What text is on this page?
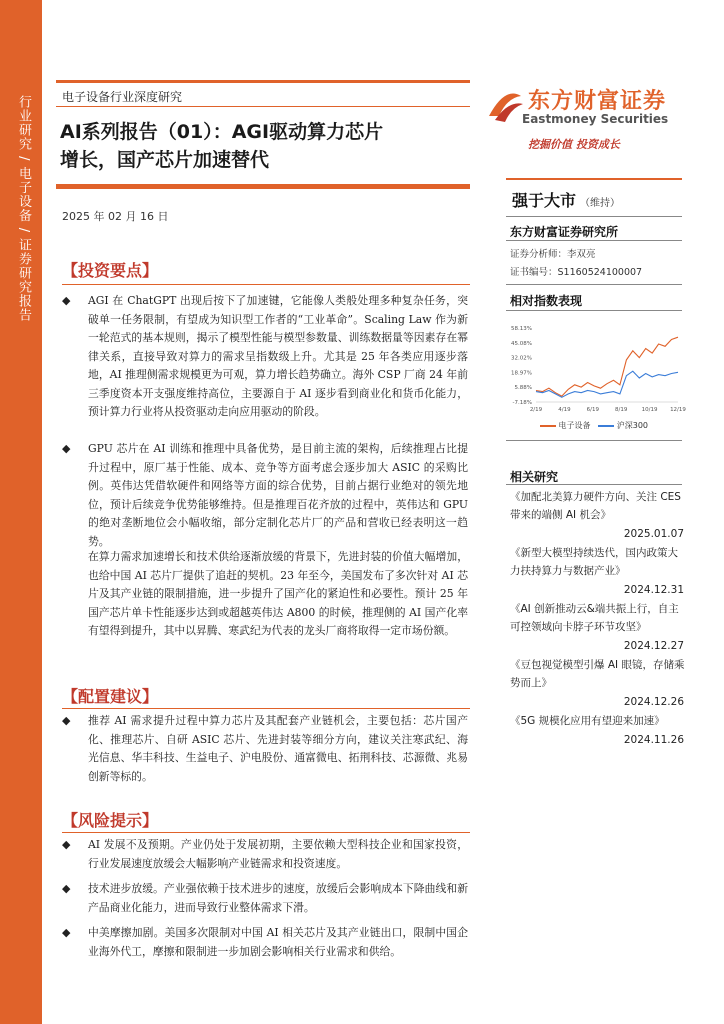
行业研究 / 电子设备 / 证券研究报告	电子设备行业深度研究
AI系列报告（01）：AGI驱动算力芯片
增长，国产芯片加速替代
2025 年 02 月 16 日
东方财富证券
Eastmoney Securities
挖掘价值 投资成长
强于大市 （维持）
东方财富证券研究所
证券分析师：李双亮
证书编号：S1160524100007
相对指数表现
58.13%
45.08%
32.02%
18.97%
5.88%
-7.18%
2/19	4/19	6/19	8/19	10/19 12/19
电子设备	沪深300
相关研究
《加配北美算力硬件方向、关注 CES 带来的端侧 AI 机会》
2025.01.07
《新型大模型持续迭代，国内政策大力扶持算力与数据产业》
2024.12.31
《AI 创新推动云&端共振上行，自主可控领域向卡脖子环节攻坚》
2024.12.27
《豆包视觉模型引爆 AI 眼镜，存储乘势而上》
2024.12.26
《5G 规模化应用有望迎来加速》
2024.11.26
【投资要点】
◆ AGI 在 ChatGPT 出现后按下了加速键，它能像人类般处理多种复杂任务，突破单一任务限制，有望成为知识型工作者的“工业革命”。Scaling Law 作为新一轮范式的基本规则，揭示了模型性能与模型参数量、训练数据量等因素存在幂律关系，直接导致对算力的需求呈指数级上升。尤其是 25 年各类应用逐步落地，AI 推理侧需求规模更为可观，算力增长趋势确立。海外 CSP 厂商 24 年前三季度资本开支强度维持高位，主要源自于 AI 逐步看到商业化和货币化能力，预计算力行业将从投资驱动走向应用驱动的阶段。
◆ GPU 芯片在 AI 训练和推理中具备优势，是目前主流的架构，后续推理占比提升过程中，原厂基于性能、成本、竞争等方面考虑会逐步加大 ASIC 的采购比例。英伟达凭借软硬件和网络等方面的综合优势，目前占据行业绝对的领先地位，预计后续竞争优势能够维持。但是推理百花齐放的过程中，英伟达和 GPU 的绝对垄断地位会小幅收缩，部分定制化芯片厂的产品和营收已经表明这一趋势。
在算力需求加速增长和技术供给逐渐放缓的背景下，先进封装的价值大幅增加，也给中国 AI 芯片厂提供了追赶的契机。23 年至今，美国发布了多次针对 AI 芯片及其产业链的限制措施，进一步提升了国产化的紧迫性和必要性。预计 25 年国产芯片单卡性能逐步达到或超越英伟达 A800 的时候，推理侧的 AI 国产化率有望得到提升，其中以昇腾、寒武纪为代表的龙头厂商将取得一定市场份额。
【配置建议】
◆ 推荐 AI 需求提升过程中算力芯片及其配套产业链机会，主要包括：芯片国产化、推理芯片、自研 ASIC 芯片、先进封装等细分方向，建议关注寒武纪、海光信息、华丰科技、生益电子、沪电股份、通富微电、拓荆科技、芯源微、兆易创新等标的。
【风险提示】
◆ AI 发展不及预期。产业仍处于发展初期，主要依赖大型科技企业和国家投资，行业发展速度放缓会大幅影响产业链需求和投资速度。
◆ 技术进步放缓。产业强依赖于技术进步的速度，放缓后会影响成本下降曲线和新产品商业化能力，进而导致行业整体需求下滑。
◆ 中美摩擦加剧。美国多次限制对中国 AI 相关芯片及其产业链出口，限制中国企业海外代工，摩擦和限制进一步加剧会影响相关行业需求和供给。
